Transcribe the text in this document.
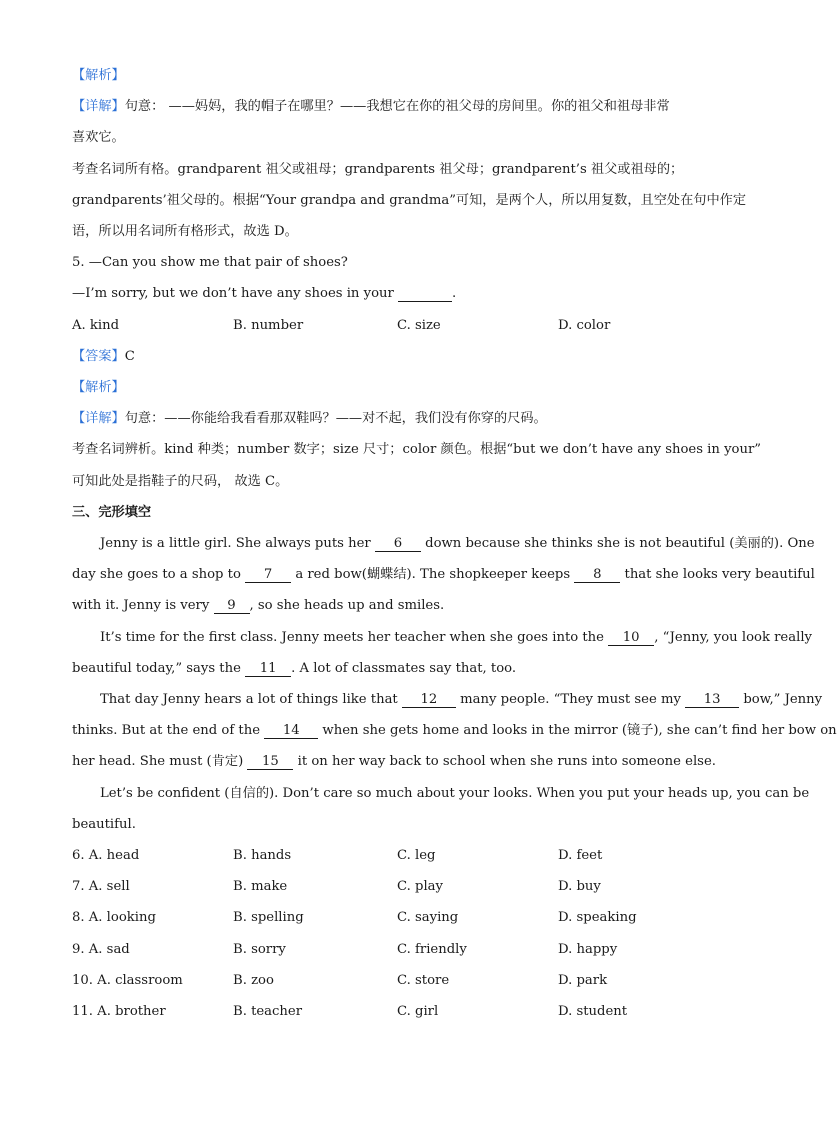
【解析】
【详解】句意： ——妈妈，我的帽子在哪里？——我想它在你的祖父母的房间里。你的祖父和祖母非常
喜欢它。
考查名词所有格。grandparent 祖父或祖母；grandparents 祖父母；grandparent’s 祖父或祖母的；
grandparents’祖父母的。根据“Your grandpa and grandma”可知，是两个人，所以用复数，且空处在句中作定
语，所以用名词所有格形式，故选 D。
5. —Can you show me that pair of shoes?
—I’m sorry, but we don’t have any shoes in your	.
A. kind	B. number	C. size	D. color
【答案】C
【解析】
【详解】句意：——你能给我看看那双鞋吗？——对不起，我们没有你穿的尺码。
考查名词辨析。kind 种类；number 数字；size 尺寸；color 颜色。根据“but we don’t have any shoes in your”
可知此处是指鞋子的尺码， 故选 C。
三、完形填空
Jenny is a little girl. She always puts her 6 down because she thinks she is not beautiful (美丽的). One
day she goes to a shop to 7 a red bow(蝴蝶结). The shopkeeper keeps 8 that she looks very beautiful
with it. Jenny is very 9 , so she heads up and smiles.
It’s time for the first class. Jenny meets her teacher when she goes into the 10 , “Jenny, you look really
beautiful today,” says the 11 . A lot of classmates say that, too.
That day Jenny hears a lot of things like that 12 many people. “They must see my 13 bow,” Jenny
thinks. But at the end of the 14 when she gets home and looks in the mirror (镜子), she can’t find her bow on
her head. She must (肯定) 15 it on her way back to school when she runs into someone else.
Let’s be confident (自信的). Don’t care so much about your looks. When you put your heads up, you can be
beautiful.
6. A. head	B. hands	C. leg	D. feet
7. A. sell	B. make	C. play	D. buy
8. A. looking	B. spelling	C. saying	D. speaking
9. A. sad	B. sorry	C. friendly	D. happy
10. A. classroom	B. zoo	C. store	D. park
11. A. brother	B. teacher	C. girl	D. student
